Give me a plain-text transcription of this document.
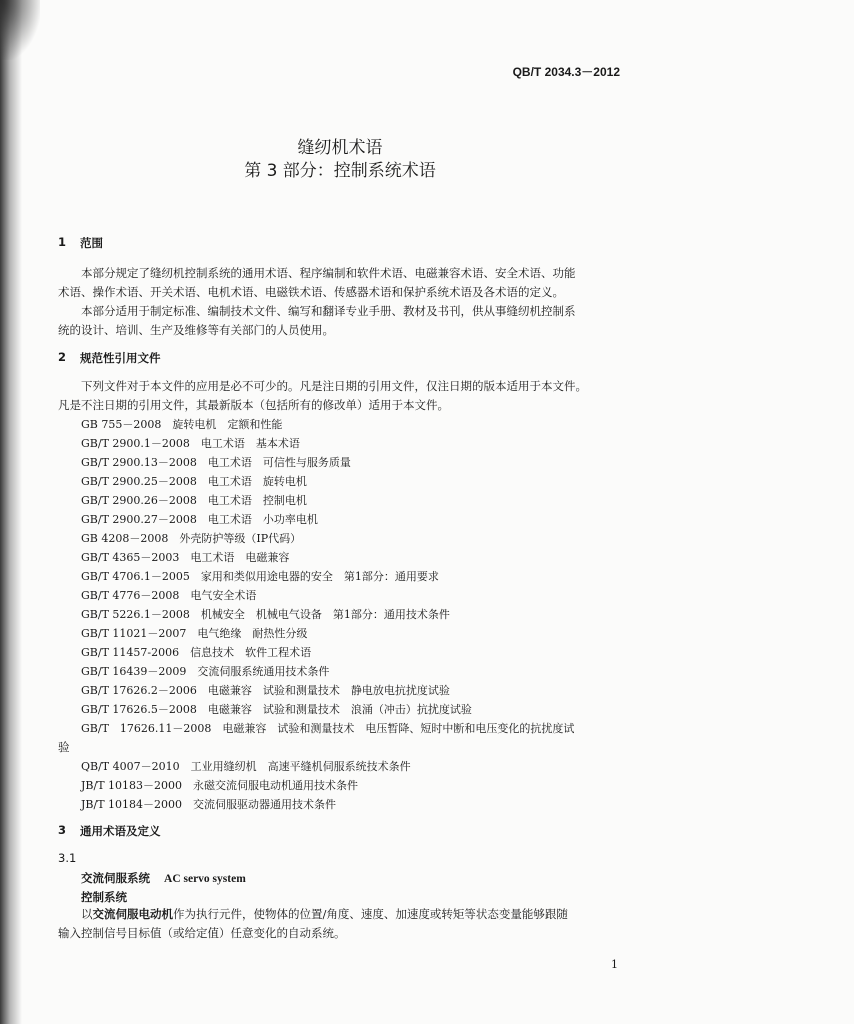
QB/T 2034.3－2012
缝纫机术语
第 3 部分：控制系统术语
1 范围
本部分规定了缝纫机控制系统的通用术语、程序编制和软件术语、电磁兼容术语、安全术语、功能
术语、操作术语、开关术语、电机术语、电磁铁术语、传感器术语和保护系统术语及各术语的定义。
本部分适用于制定标准、编制技术文件、编写和翻译专业手册、教材及书刊，供从事缝纫机控制系
统的设计、培训、生产及维修等有关部门的人员使用。
2 规范性引用文件
下列文件对于本文件的应用是必不可少的。凡是注日期的引用文件，仅注日期的版本适用于本文件。
凡是不注日期的引用文件，其最新版本（包括所有的修改单）适用于本文件。
GB 755－2008　旋转电机　定额和性能
GB/T 2900.1－2008　电工术语　基本术语
GB/T 2900.13－2008　电工术语　可信性与服务质量
GB/T 2900.25－2008　电工术语　旋转电机
GB/T 2900.26－2008　电工术语　控制电机
GB/T 2900.27－2008　电工术语　小功率电机
GB 4208－2008　外壳防护等级（IP代码）
GB/T 4365－2003　电工术语　电磁兼容
GB/T 4706.1－2005　家用和类似用途电器的安全　第1部分：通用要求
GB/T 4776－2008　电气安全术语
GB/T 5226.1－2008　机械安全　机械电气设备　第1部分：通用技术条件
GB/T 11021－2007　电气绝缘　耐热性分级
GB/T 11457-2006　信息技术　软件工程术语
GB/T 16439－2009　交流伺服系统通用技术条件
GB/T 17626.2－2006　电磁兼容　试验和测量技术　静电放电抗扰度试验
GB/T 17626.5－2008　电磁兼容　试验和测量技术　浪涌（冲击）抗扰度试验
GB/T　17626.11－2008　电磁兼容　试验和测量技术　电压暂降、短时中断和电压变化的抗扰度试
验
QB/T 4007－2010　工业用缝纫机　高速平缝机伺服系统技术条件
JB/T 10183－2000　永磁交流伺服电动机通用技术条件
JB/T 10184－2000　交流伺服驱动器通用技术条件
3 通用术语及定义
3.1
交流伺服系统 AC servo system
控制系统
以交流伺服电动机作为执行元件，使物体的位置/角度、速度、加速度或转矩等状态变量能够跟随
输入控制信号目标值（或给定值）任意变化的自动系统。
1
